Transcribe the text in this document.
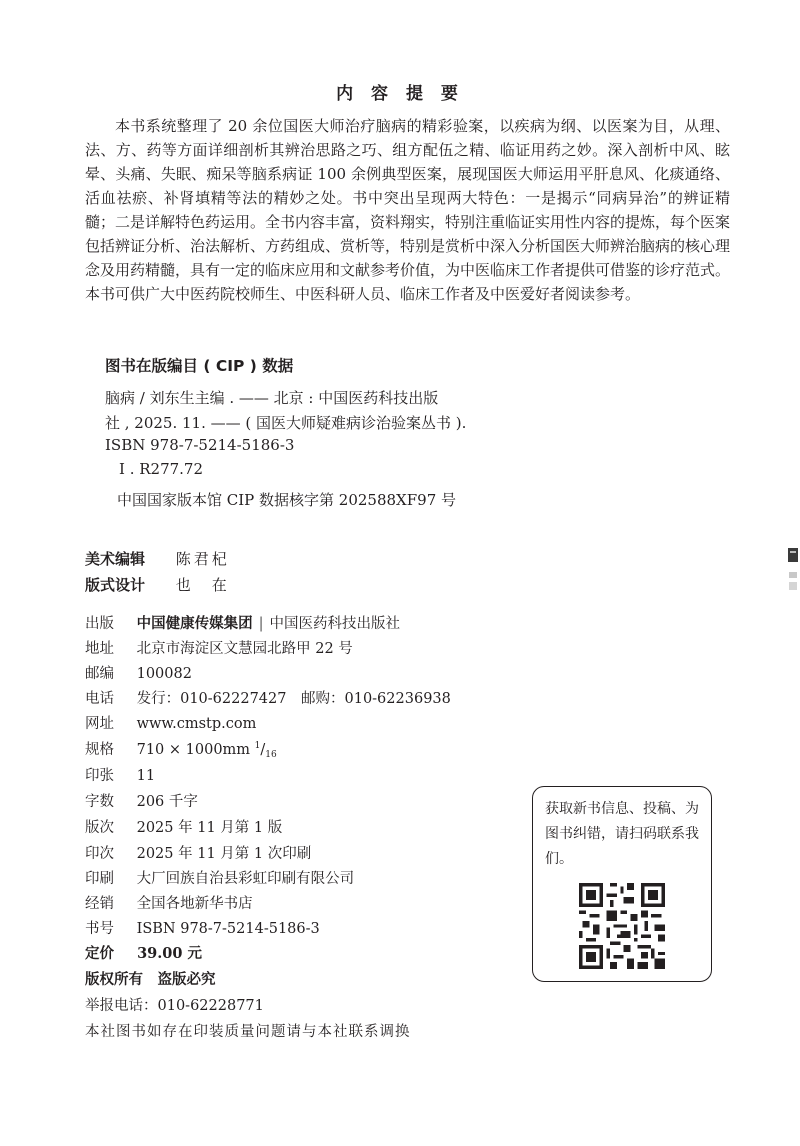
内 容 提 要

本书系统整理了 20 余位国医大师治疗脑病的精彩验案，以疾病为纲、以医案为目，从理、法、方、药等方面详细剖析其辨治思路之巧、组方配伍之精、临证用药之妙。深入剖析中风、眩晕、头痛、失眠、痴呆等脑系病证 100 余例典型医案，展现国医大师运用平肝息风、化痰通络、活血祛瘀、补肾填精等法的精妙之处。书中突出呈现两大特色：一是揭示“同病异治”的辨证精髓；二是详解特色药运用。全书内容丰富，资料翔实，特别注重临证实用性内容的提炼，每个医案包括辨证分析、治法解析、方药组成、赏析等，特别是赏析中深入分析国医大师辨治脑病的核心理念及用药精髓，具有一定的临床应用和文献参考价值，为中医临床工作者提供可借鉴的诊疗范式。本书可供广大中医药院校师生、中医科研人员、临床工作者及中医爱好者阅读参考。

图书在版编目 ( CIP ) 数据
脑病 / 刘东生主编 . —— 北京 : 中国医药科技出版
社 , 2025. 11. —— ( 国医大师疑难病诊治验案丛书 ).
ISBN 978-7-5214-5186-3
Ⅰ . R277.72
中国国家版本馆 CIP 数据核字第 202588XF97 号
美术编辑 陈君杞
版式设计 也　在
出版 中国健康传媒集团 | 中国医药科技出版社
地址 北京市海淀区文慧园北路甲 22 号
邮编 100082
电话 发行：010-62227427　邮购：010-62236938
网址 www.cmstp.com
规格 710 × 1000mm $^1/_{16}$
印张 11
字数 206 千字
版次 2025 年 11 月第 1 版
印次 2025 年 11 月第 1 次印刷
印刷 大厂回族自治县彩虹印刷有限公司
经销 全国各地新华书店
书号 ISBN 978-7-5214-5186-3
定价 39.00 元
版权所有　盗版必究
举报电话：010-62228771
本社图书如存在印装质量问题请与本社联系调换
获取新书信息、投稿、为图书纠错，请扫码联系我们。
